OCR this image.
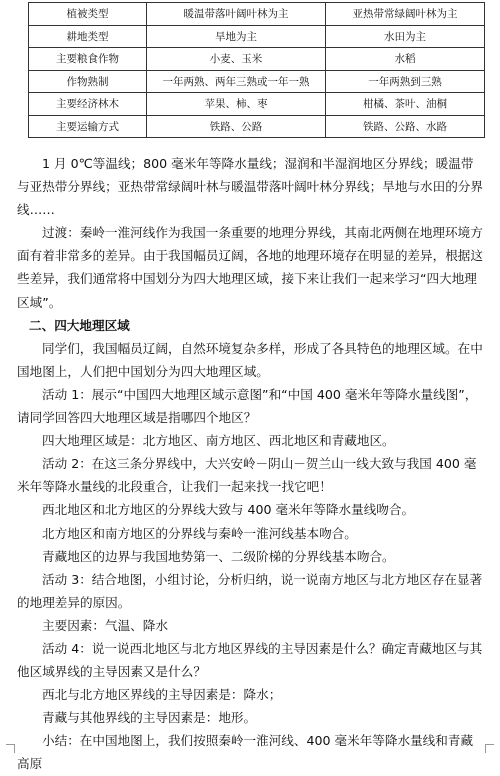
植被类型	暖温带落叶阔叶林为主	亚热带常绿阔叶林为主
耕地类型	旱地为主	水田为主
主要粮食作物	小麦、玉米	水稻
作物熟制	一年两熟、两年三熟或一年一熟	一年两熟到三熟
主要经济林木	苹果、柿、枣	柑橘、茶叶、油桐
主要运输方式	铁路、公路	铁路、公路、水路

1 月 0℃等温线；800 毫米年等降水量线；湿润和半湿润地区分界线；暖温带与亚热带分界线；亚热带常绿阔叶林与暖温带落叶阔叶林分界线；旱地与水田的分界线……

过渡：秦岭一淮河线作为我国一条重要的地理分界线，其南北两侧在地理环境方面有着非常多的差异。由于我国幅员辽阔，各地的地理环境存在明显的差异，根据这些差异，我们通常将中国划分为四大地理区域，接下来让我们一起来学习“四大地理区域”。

二、四大地理区域

同学们，我国幅员辽阔，自然环境复杂多样，形成了各具特色的地理区域。在中国地图上，人们把中国划分为四大地理区域。

活动 1：展示“中国四大地理区域示意图”和“中国 400 毫米年等降水量线图”，请同学回答四大地理区域是指哪四个地区？

四大地理区域是：北方地区、南方地区、西北地区和青藏地区。

活动 2：在这三条分界线中，大兴安岭－阴山－贺兰山一线大致与我国 400 毫米年等降水量线的北段重合，让我们一起来找一找它吧！

西北地区和北方地区的分界线大致与 400 毫米年等降水量线吻合。

北方地区和南方地区的分界线与秦岭一淮河线基本吻合。

青藏地区的边界与我国地势第一、二级阶梯的分界线基本吻合。

活动 3：结合地图，小组讨论，分析归纳，说一说南方地区与北方地区存在显著的地理差异的原因。

主要因素：气温、降水

活动 4：说一说西北地区与北方地区界线的主导因素是什么？确定青藏地区与其他区域界线的主导因素又是什么？

西北与北方地区界线的主导因素是：降水；

青藏与其他界线的主导因素是：地形。

小结：在中国地图上，我们按照秦岭一淮河线、400 毫米年等降水量线和青藏高原
